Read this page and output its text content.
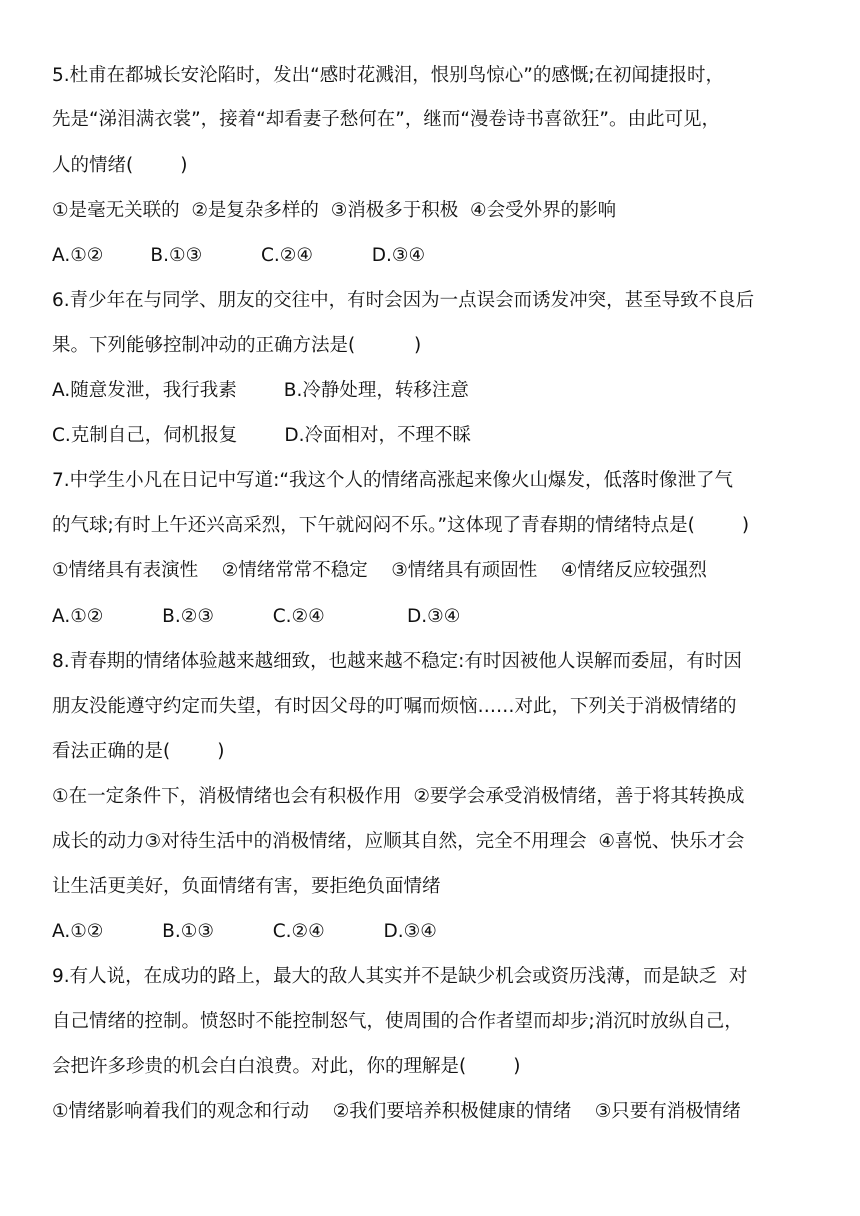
5.杜甫在都城长安沦陷时，发出“感时花溅泪，恨别鸟惊心”的感慨;在初闻捷报时，
先是“涕泪满衣裳”，接着“却看妻子愁何在”，继而“漫卷诗书喜欲狂”。由此可见，
人的情绪(        )
①是毫无关联的  ②是复杂多样的  ③消极多于积极  ④会受外界的影响
A.①②        B.①③          C.②④          D.③④
6.青少年在与同学、朋友的交往中，有时会因为一点误会而诱发冲突，甚至导致不良后
果。下列能够控制冲动的正确方法是(          )
A.随意发泄，我行我素        B.冷静处理，转移注意
C.克制自己，伺机报复        D.冷面相对，不理不睬
7.中学生小凡在日记中写道:“我这个人的情绪高涨起来像火山爆发，低落时像泄了气
的气球;有时上午还兴高采烈，下午就闷闷不乐。”这体现了青春期的情绪特点是(        )
①情绪具有表演性    ②情绪常常不稳定    ③情绪具有顽固性    ④情绪反应较强烈
A.①②          B.②③          C.②④              D.③④
8.青春期的情绪体验越来越细致，也越来越不稳定:有时因被他人误解而委屈，有时因
朋友没能遵守约定而失望，有时因父母的叮嘱而烦恼……对此，下列关于消极情绪的
看法正确的是(        )
①在一定条件下，消极情绪也会有积极作用  ②要学会承受消极情绪，善于将其转换成
成长的动力③对待生活中的消极情绪，应顺其自然，完全不用理会  ④喜悦、快乐才会
让生活更美好，负面情绪有害，要拒绝负面情绪
A.①②          B.①③          C.②④          D.③④
9.有人说，在成功的路上，最大的敌人其实并不是缺少机会或资历浅薄，而是缺乏  对
自己情绪的控制。愤怒时不能控制怒气，使周围的合作者望而却步;消沉时放纵自己，
会把许多珍贵的机会白白浪费。对此，你的理解是(        )
①情绪影响着我们的观念和行动    ②我们要培养积极健康的情绪    ③只要有消极情绪
